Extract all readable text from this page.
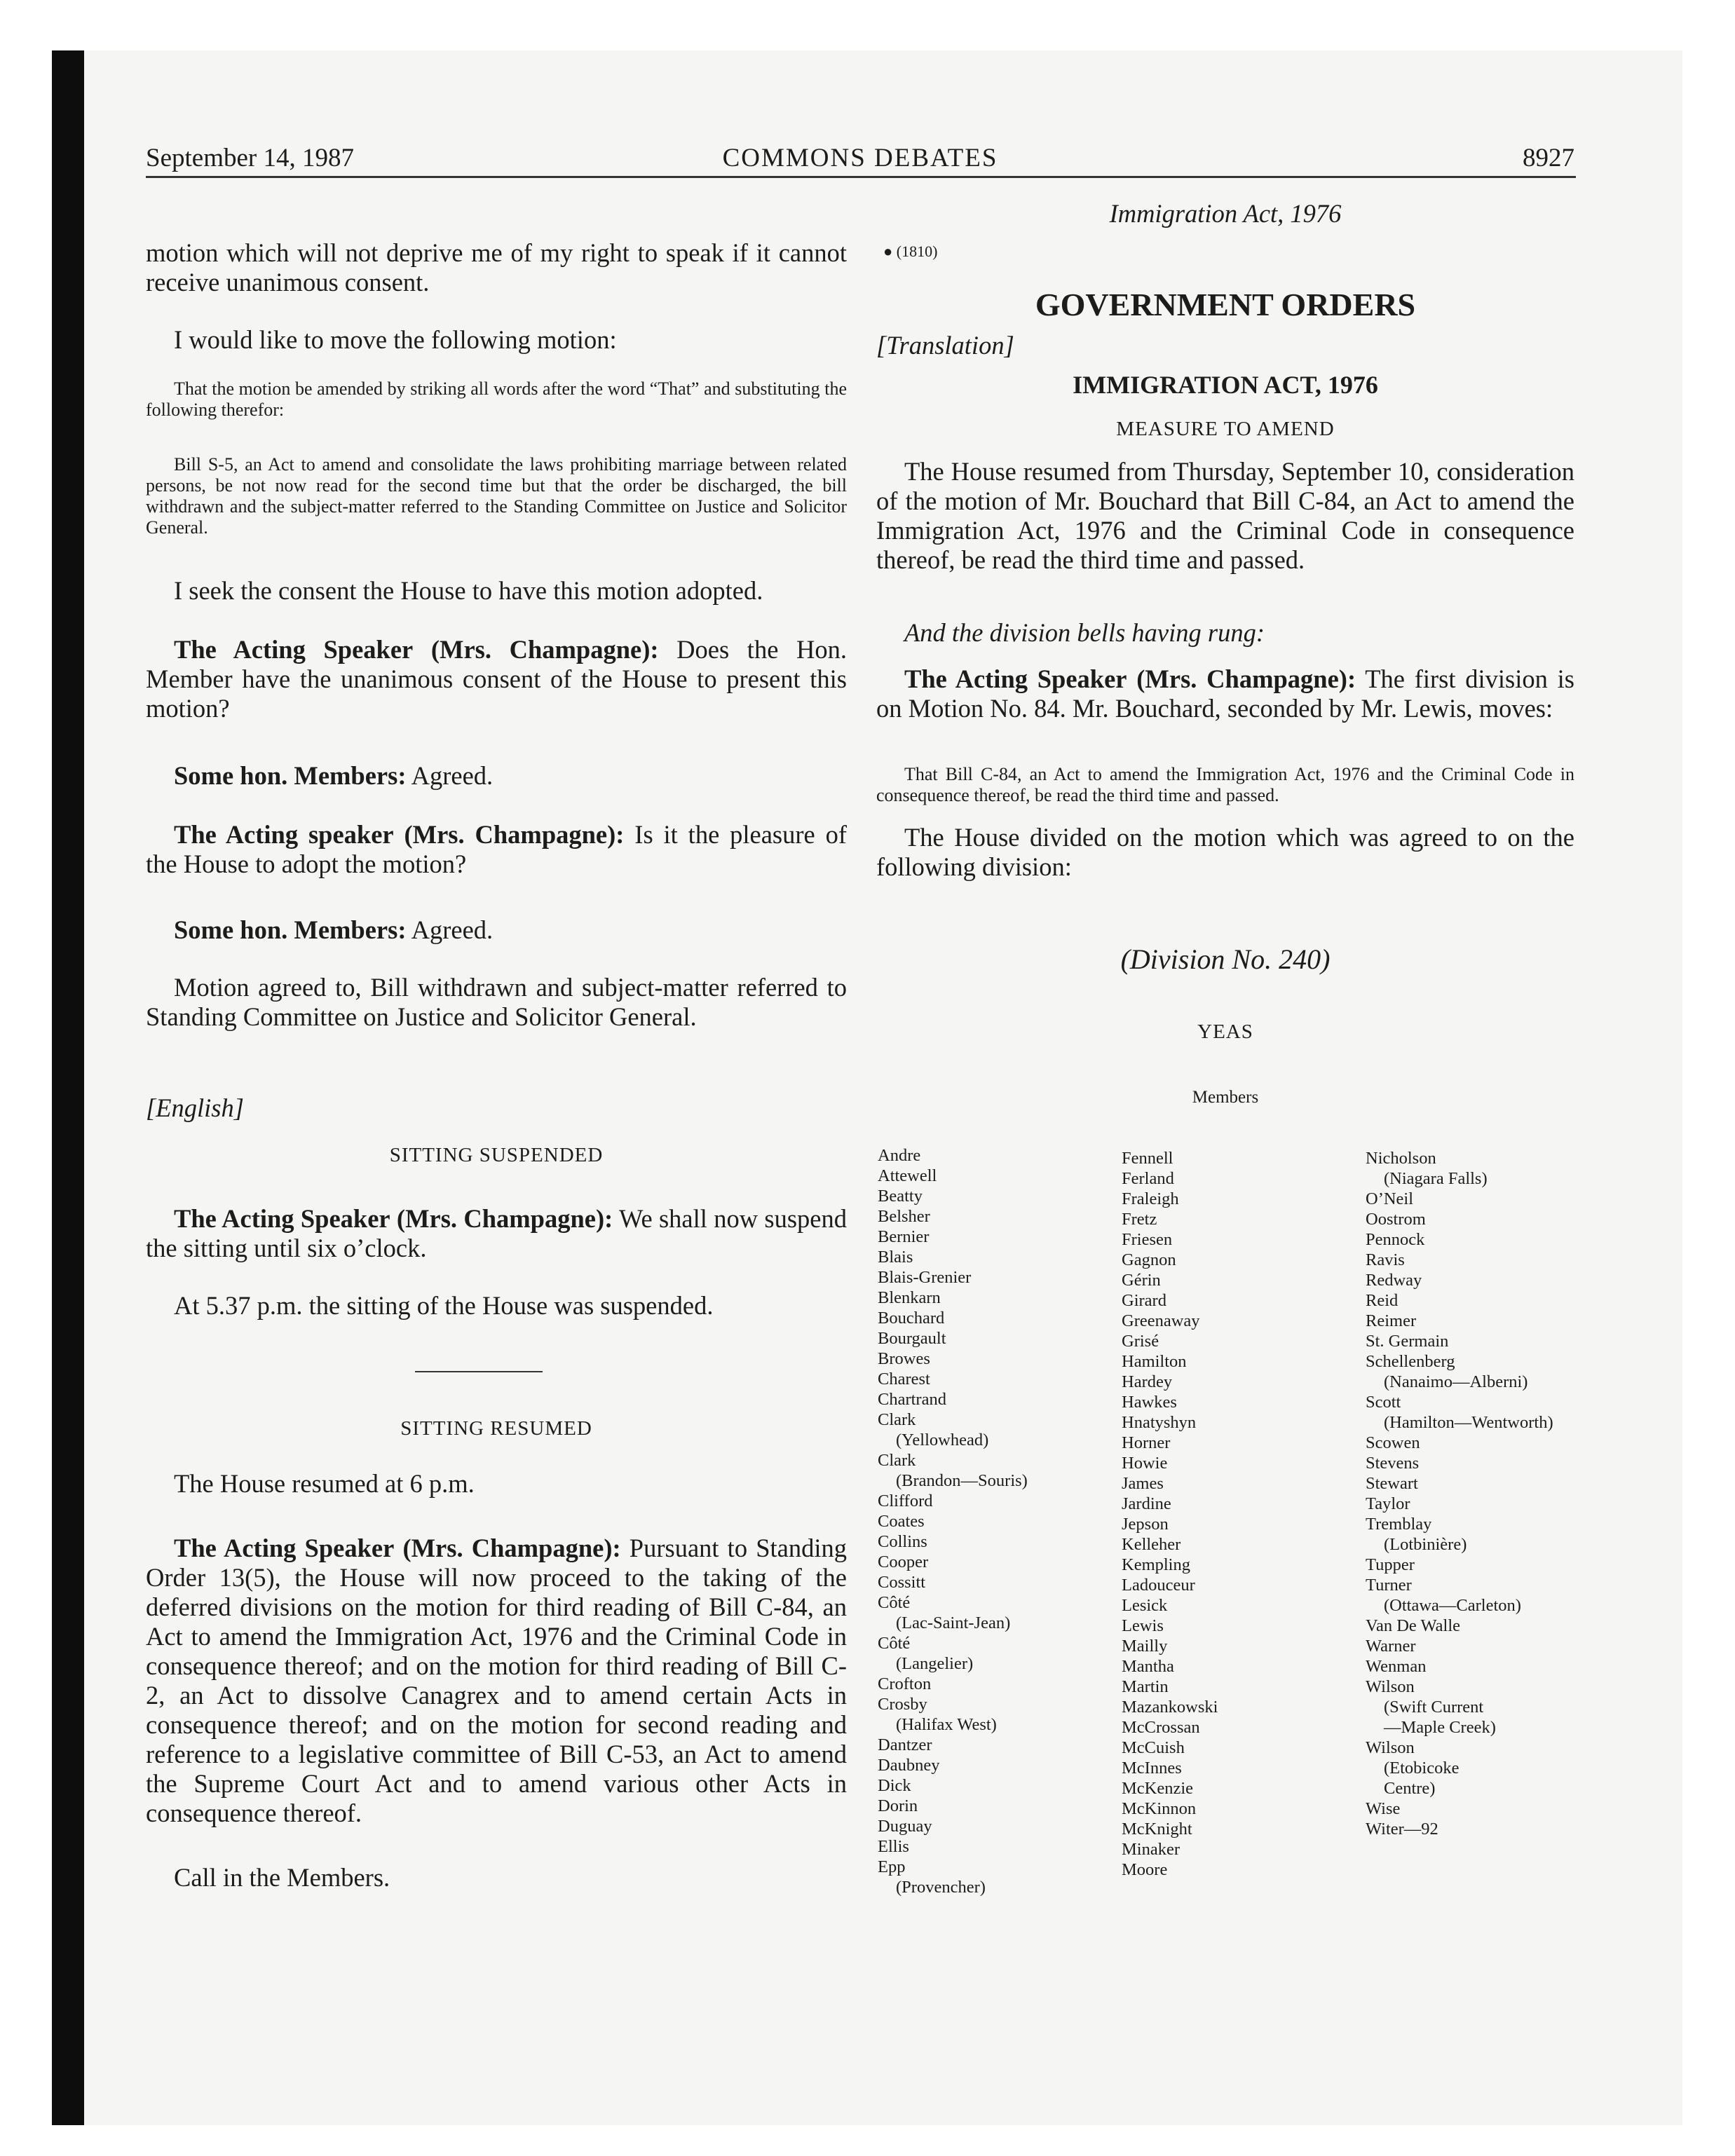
September 14, 1987	COMMONS DEBATES	8927

motion which will not deprive me of my right to speak if it cannot receive unanimous consent.

I would like to move the following motion:

That the motion be amended by striking all words after the word “That” and substituting the following therefor:

Bill S-5, an Act to amend and consolidate the laws prohibiting marriage between related persons, be not now read for the second time but that the order be discharged, the bill withdrawn and the subject-matter referred to the Standing Committee on Justice and Solicitor General.

I seek the consent the House to have this motion adopted.

The Acting Speaker (Mrs. Champagne): Does the Hon. Member have the unanimous consent of the House to present this motion?

Some hon. Members: Agreed.

The Acting speaker (Mrs. Champagne): Is it the pleasure of the House to adopt the motion?

Some hon. Members: Agreed.

Motion agreed to, Bill withdrawn and subject-matter referred to Standing Committee on Justice and Solicitor General.

[English]

SITTING SUSPENDED

The Acting Speaker (Mrs. Champagne): We shall now suspend the sitting until six o’clock.

At 5.37 p.m. the sitting of the House was suspended.

SITTING RESUMED

The House resumed at 6 p.m.

The Acting Speaker (Mrs. Champagne): Pursuant to Standing Order 13(5), the House will now proceed to the taking of the deferred divisions on the motion for third reading of Bill C-84, an Act to amend the Immigration Act, 1976 and the Criminal Code in consequence thereof; and on the motion for third reading of Bill C-2, an Act to dissolve Canagrex and to amend certain Acts in consequence thereof; and on the motion for second reading and reference to a legislative committee of Bill C-53, an Act to amend the Supreme Court Act and to amend various other Acts in consequence thereof.

Call in the Members.

Immigration Act, 1976

● (1810)

GOVERNMENT ORDERS

[Translation]

IMMIGRATION ACT, 1976

MEASURE TO AMEND

The House resumed from Thursday, September 10, consideration of the motion of Mr. Bouchard that Bill C-84, an Act to amend the Immigration Act, 1976 and the Criminal Code in consequence thereof, be read the third time and passed.

And the division bells having rung:

The Acting Speaker (Mrs. Champagne): The first division is on Motion No. 84. Mr. Bouchard, seconded by Mr. Lewis, moves:

That Bill C-84, an Act to amend the Immigration Act, 1976 and the Criminal Code in consequence thereof, be read the third time and passed.

The House divided on the motion which was agreed to on the following division:

(Division No. 240)

YEAS

Members

Andre
Attewell
Beatty
Belsher
Bernier
Blais
Blais-Grenier
Blenkarn
Bouchard
Bourgault
Browes
Charest
Chartrand
Clark
(Yellowhead)
Clark
(Brandon—Souris)
Clifford
Coates
Collins
Cooper
Cossitt
Côté
(Lac-Saint-Jean)
Côté
(Langelier)
Crofton
Crosby
(Halifax West)
Dantzer
Daubney
Dick
Dorin
Duguay
Ellis
Epp
(Provencher)
Fennell
Ferland
Fraleigh
Fretz
Friesen
Gagnon
Gérin
Girard
Greenaway
Grisé
Hamilton
Hardey
Hawkes
Hnatyshyn
Horner
Howie
James
Jardine
Jepson
Kelleher
Kempling
Ladouceur
Lesick
Lewis
Mailly
Mantha
Martin
Mazankowski
McCrossan
McCuish
McInnes
McKenzie
McKinnon
McKnight
Minaker
Moore
Nicholson
(Niagara Falls)
O’Neil
Oostrom
Pennock
Ravis
Redway
Reid
Reimer
St. Germain
Schellenberg
(Nanaimo—Alberni)
Scott
(Hamilton—Wentworth)
Scowen
Stevens
Stewart
Taylor
Tremblay
(Lotbinière)
Tupper
Turner
(Ottawa—Carleton)
Van De Walle
Warner
Wenman
Wilson
(Swift Current
—Maple Creek)
Wilson
(Etobicoke
Centre)
Wise
Witer—92
